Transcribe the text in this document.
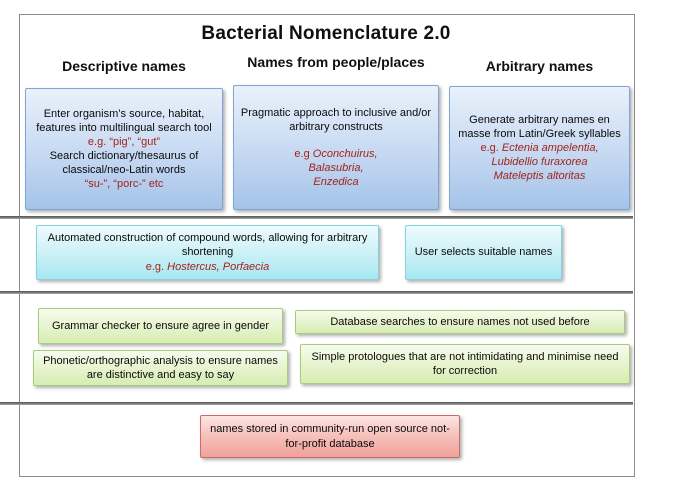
Bacterial Nomenclature 2.0
Descriptive names	Names from people/places	Arbitrary names
Enter organism’s source, habitat, features into multilingual search tool
e.g. “pig”, “gut”
Search dictionary/thesaurus of classical/neo-Latin words
“su-”, “porc-” etc
Pragmatic approach to inclusive and/or arbitrary constructs
e.g Oconchuirus,
Balasubria,
Enzedica
Generate arbitrary names en masse from Latin/Greek syllables
e.g. Ectenia ampelentia,
Lubidellio furaxorea
Mateleptis altoritas
Automated construction of compound words, allowing for arbitrary shortening
e.g. Hostercus, Porfaecia
User selects suitable names
Grammar checker to ensure agree in gender
Phonetic/orthographic analysis to ensure names are distinctive and easy to say
Database searches to ensure names not used before
Simple protologues that are not intimidating and minimise need for correction
names stored in community-run open source not-for-profit database
